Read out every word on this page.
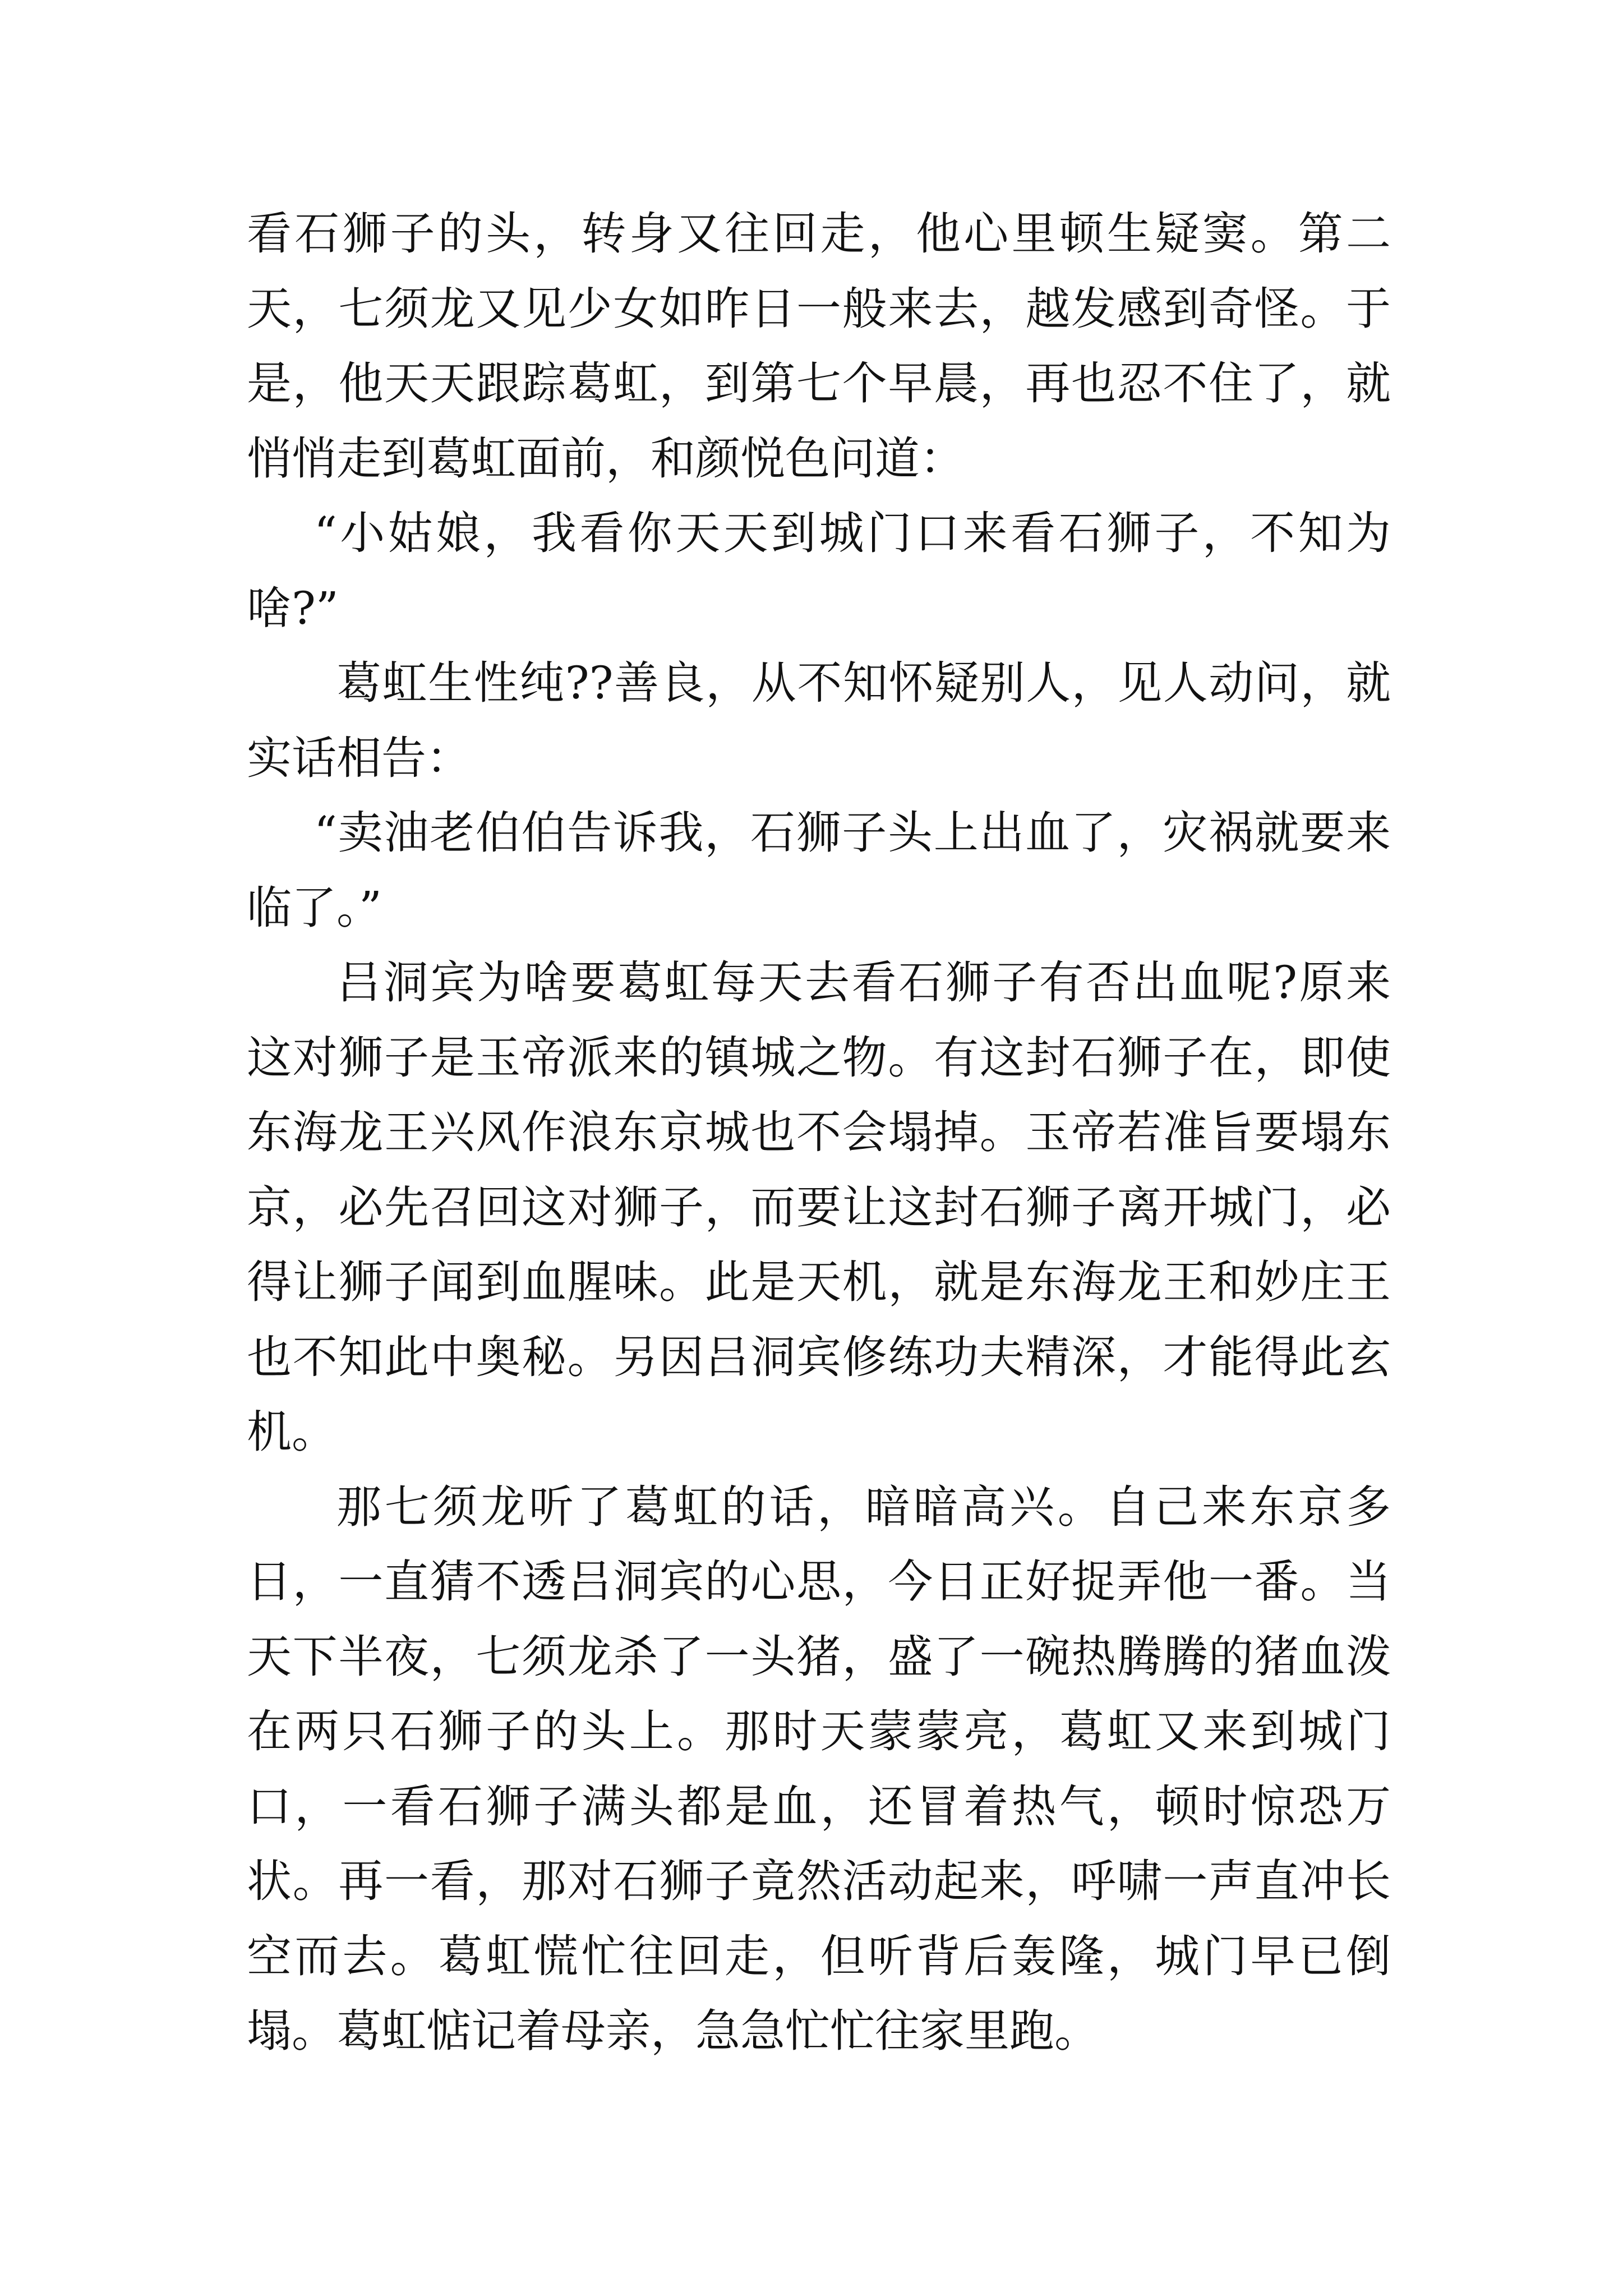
看石狮子的头，转身又往回走，他心里顿生疑窦。第二天，七须龙又见少女如昨日一般来去，越发感到奇怪。于是，他天天跟踪葛虹，到第七个早晨，再也忍不住了，就悄悄走到葛虹面前，和颜悦色问道：

“小姑娘，我看你天天到城门口来看石狮子，不知为啥?”

葛虹生性纯??善良，从不知怀疑别人，见人动问，就实话相告：

“卖油老伯伯告诉我，石狮子头上出血了，灾祸就要来临了。”

吕洞宾为啥要葛虹每天去看石狮子有否出血呢?原来这对狮子是玉帝派来的镇城之物。有这封石狮子在，即使东海龙王兴风作浪东京城也不会塌掉。玉帝若准旨要塌东京，必先召回这对狮子，而要让这封石狮子离开城门，必得让狮子闻到血腥味。此是天机，就是东海龙王和妙庄王也不知此中奥秘。另因吕洞宾修练功夫精深，才能得此玄机。

那七须龙听了葛虹的话，暗暗高兴。自己来东京多日，一直猜不透吕洞宾的心思，今日正好捉弄他一番。当天下半夜，七须龙杀了一头猪，盛了一碗热腾腾的猪血泼在两只石狮子的头上。那时天蒙蒙亮，葛虹又来到城门口，一看石狮子满头都是血，还冒着热气，顿时惊恐万状。再一看，那对石狮子竟然活动起来，呼啸一声直冲长空而去。葛虹慌忙往回走，但听背后轰隆，城门早已倒塌。葛虹惦记着母亲，急急忙忙往家里跑。
